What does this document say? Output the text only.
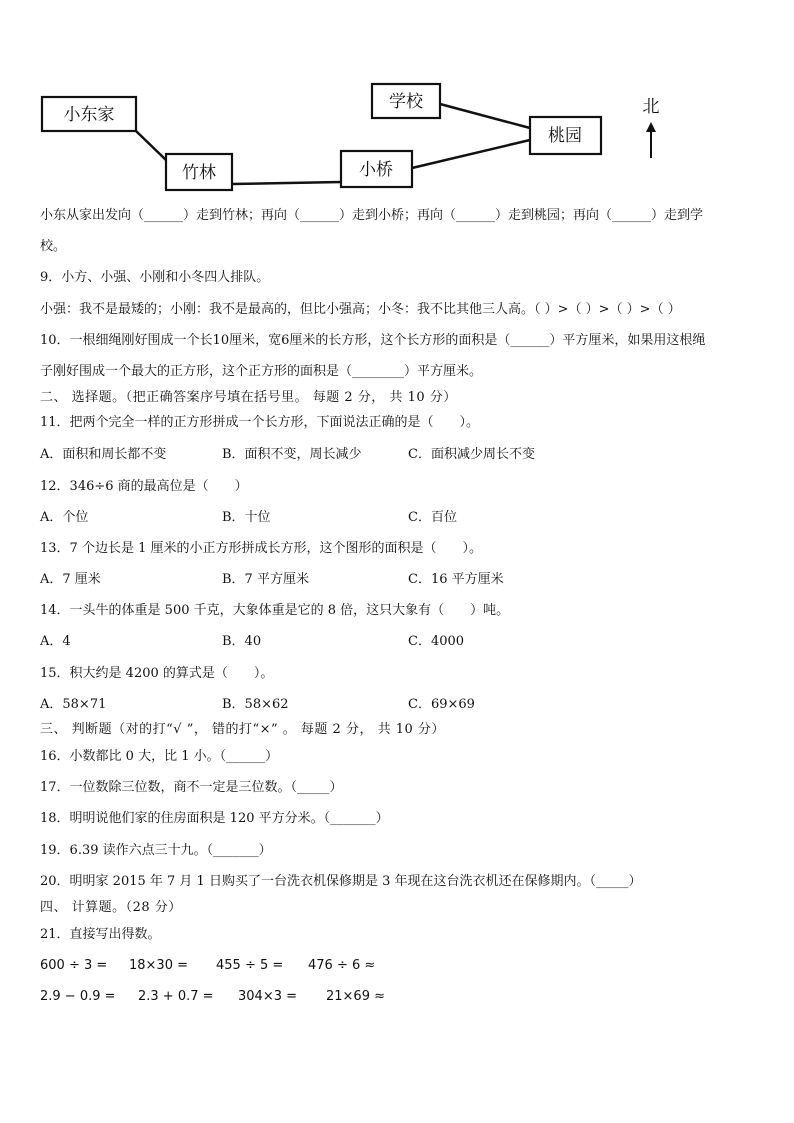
小东家
竹林	小桥
学校
桃园
北
小东从家出发向（______）走到竹林；再向（______）走到小桥；再向（______）走到桃园；再向（______）走到学
校。
9．小方、小强、小刚和小冬四人排队。
小强：我不是最矮的；小刚：我不是最高的，但比小强高；小冬：我不比其他三人高。（ ）>（ ）>（ ）>（ ）
10．一根细绳刚好围成一个长10厘米，宽6厘米的长方形，这个长方形的面积是（______）平方厘米，如果用这根绳
子刚好围成一个最大的正方形，这个正方形的面积是（________）平方厘米。
二、 选择题。（把正确答案序号填在括号里。 每题 2 分， 共 10 分）
11．把两个完全一样的正方形拼成一个长方形，下面说法正确的是（　　）。
A．面积和周长都不变	B．面积不变，周长减少	C．面积减少周长不变
12．346÷6 商的最高位是（　　）
A．个位	B．十位	C．百位
13．7 个边长是 1 厘米的小正方形拼成长方形，这个图形的面积是（　　）。
A．7 厘米	B．7 平方厘米	C．16 平方厘米
14．一头牛的体重是 500 千克，大象体重是它的 8 倍，这只大象有（　　）吨。
A．4	B．40	C．4000
15．积大约是 4200 的算式是（　　）。
A．58×71	B．58×62	C．69×69
三、 判断题（对的打“√ ”， 错的打“×” 。 每题 2 分， 共 10 分）
16．小数都比 0 大，比 1 小。（______）
17．一位数除三位数，商不一定是三位数。（_____）
18．明明说他们家的住房面积是 120 平方分米。（_______）
19．6.39 读作六点三十九。（_______）
20．明明家 2015 年 7 月 1 日购买了一台洗衣机保修期是 3 年现在这台洗衣机还在保修期内。（_____）
四、 计算题。（28 分）
21．直接写出得数。
600 ÷ 3 = 18×30 = 455 ÷ 5 = 476 ÷ 6 ≈
2.9 − 0.9 = 2.3 + 0.7 = 304×3 = 21×69 ≈
